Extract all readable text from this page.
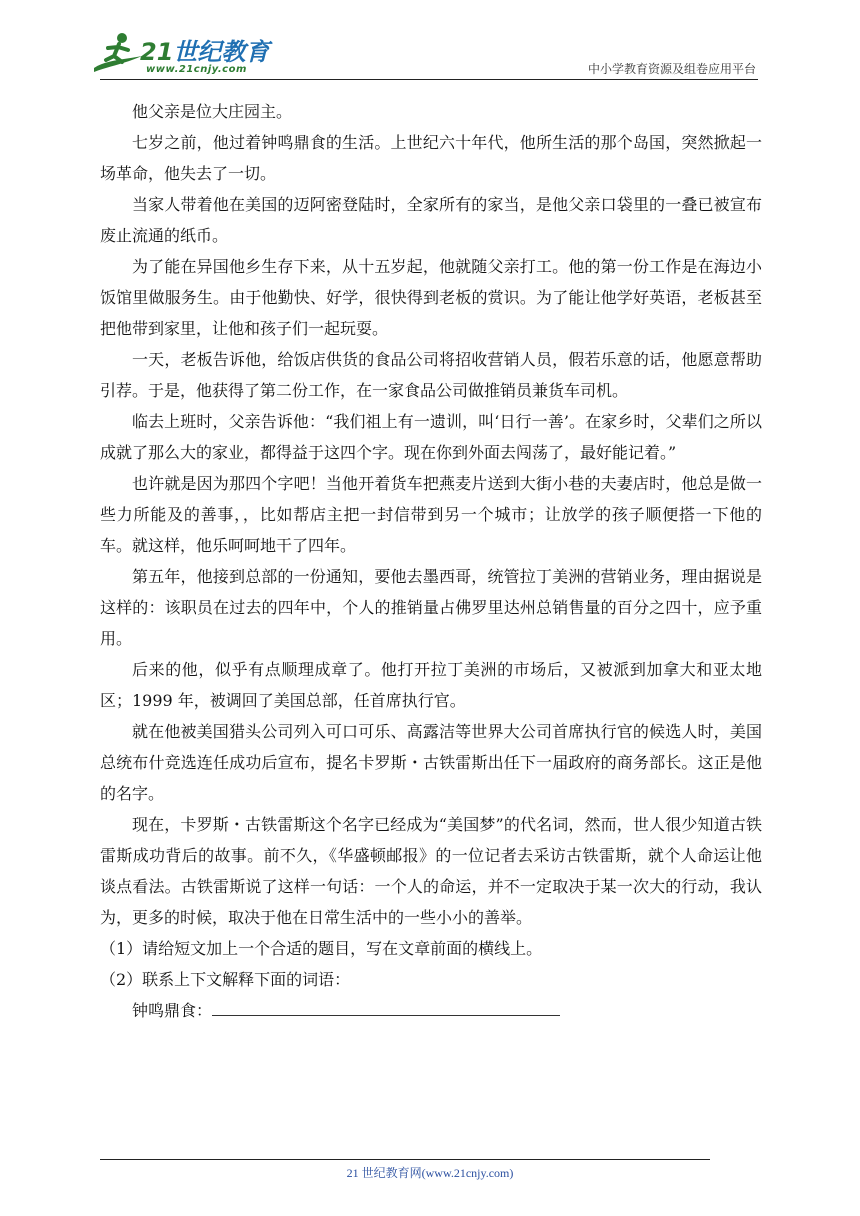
21世纪教育
www.21cnjy.com	中小学教育资源及组卷应用平台

他父亲是位大庄园主。

七岁之前，他过着钟鸣鼎食的生活。上世纪六十年代，他所生活的那个岛国，突然掀起一场革命，他失去了一切。

当家人带着他在美国的迈阿密登陆时，全家所有的家当，是他父亲口袋里的一叠已被宣布废止流通的纸币。

为了能在异国他乡生存下来，从十五岁起，他就随父亲打工。他的第一份工作是在海边小饭馆里做服务生。由于他勤快、好学，很快得到老板的赏识。为了能让他学好英语，老板甚至把他带到家里，让他和孩子们一起玩耍。

一天，老板告诉他，给饭店供货的食品公司将招收营销人员，假若乐意的话，他愿意帮助引荐。于是，他获得了第二份工作，在一家食品公司做推销员兼货车司机。

临去上班时，父亲告诉他：“我们祖上有一遗训，叫‘日行一善’。在家乡时，父辈们之所以成就了那么大的家业，都得益于这四个字。现在你到外面去闯荡了，最好能记着。”

也许就是因为那四个字吧！当他开着货车把燕麦片送到大街小巷的夫妻店时，他总是做一些力所能及的善事，，比如帮店主把一封信带到另一个城市；让放学的孩子顺便搭一下他的车。就这样，他乐呵呵地干了四年。

第五年，他接到总部的一份通知，要他去墨西哥，统管拉丁美洲的营销业务，理由据说是这样的：该职员在过去的四年中，个人的推销量占佛罗里达州总销售量的百分之四十，应予重用。

后来的他，似乎有点顺理成章了。他打开拉丁美洲的市场后，又被派到加拿大和亚太地区；1999 年，被调回了美国总部，任首席执行官。

就在他被美国猎头公司列入可口可乐、高露洁等世界大公司首席执行官的候选人时，美国总统布什竞选连任成功后宣布，提名卡罗斯・古铁雷斯出任下一届政府的商务部长。这正是他的名字。

现在，卡罗斯・古铁雷斯这个名字已经成为“美国梦”的代名词，然而，世人很少知道古铁雷斯成功背后的故事。前不久，《华盛顿邮报》的一位记者去采访古铁雷斯，就个人命运让他谈点看法。古铁雷斯说了这样一句话：一个人的命运，并不一定取决于某一次大的行动，我认为，更多的时候，取决于他在日常生活中的一些小小的善举。

（1）请给短文加上一个合适的题目，写在文章前面的横线上。

（2）联系上下文解释下面的词语：

钟鸣鼎食：

21 世纪教育网(www.21cnjy.com)
